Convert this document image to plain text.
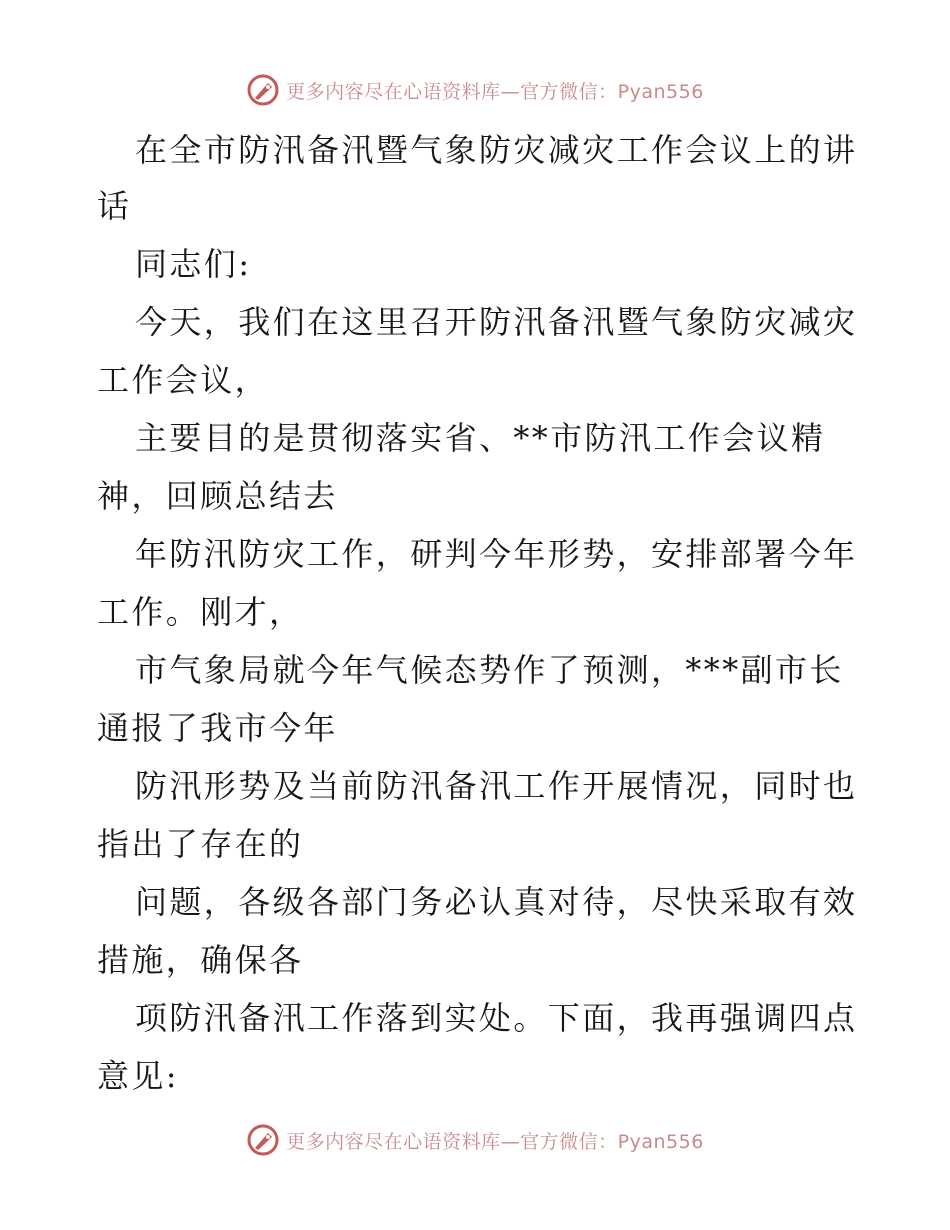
更多内容尽在心语资料库—官方微信：Pyan556
在全市防汛备汛暨气象防灾减灾工作会议上的讲
话
同志们:
今天，我们在这里召开防汛备汛暨气象防灾减灾
工作会议，
主要目的是贯彻落实省、**市防汛工作会议精
神，回顾总结去
年防汛防灾工作，研判今年形势，安排部署今年
工作。刚才，
市气象局就今年气候态势作了预测，***副市长
通报了我市今年
防汛形势及当前防汛备汛工作开展情况，同时也
指出了存在的
问题，各级各部门务必认真对待，尽快采取有效
措施，确保各
项防汛备汛工作落到实处。下面，我再强调四点
意见:
更多内容尽在心语资料库—官方微信：Pyan556
